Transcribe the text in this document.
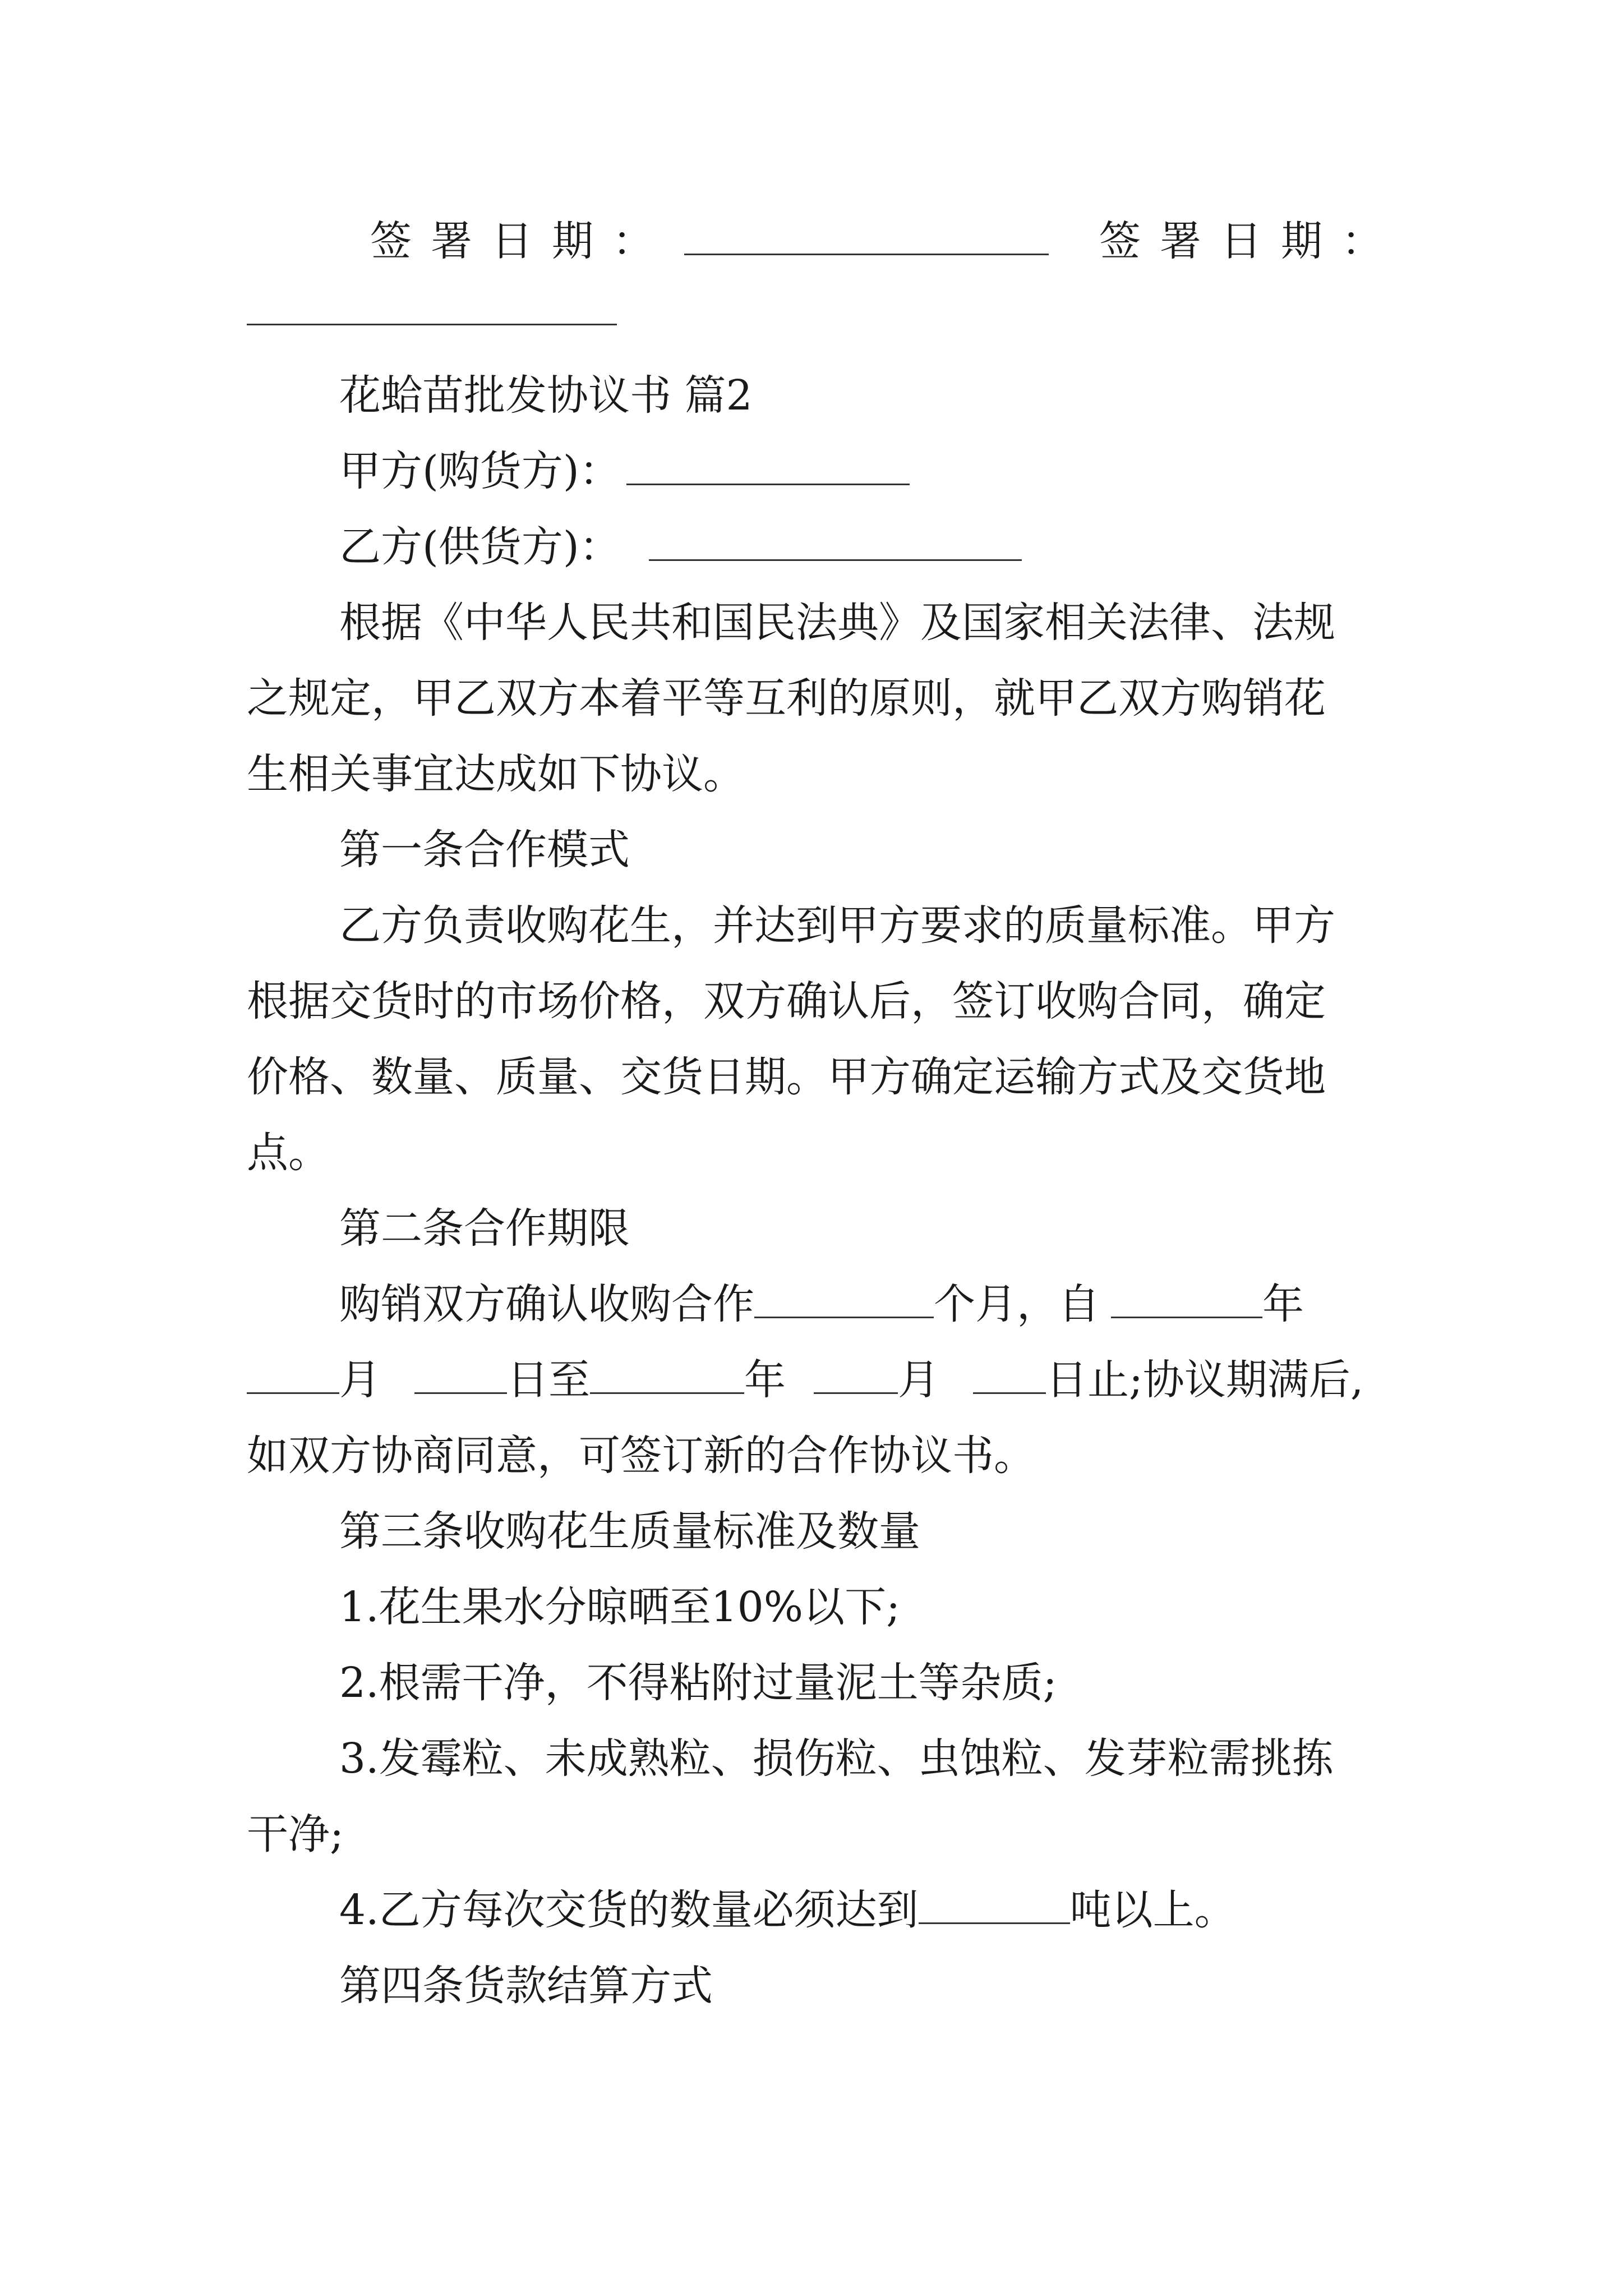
签署日期：	签署日期：
花蛤苗批发协议书 篇2
甲方(购货方)：
乙方(供货方)：
根据《中华人民共和国民法典》及国家相关法律、法规
之规定，甲乙双方本着平等互利的原则，就甲乙双方购销花
生相关事宜达成如下协议。
第一条合作模式
乙方负责收购花生，并达到甲方要求的质量标准。甲方
根据交货时的市场价格，双方确认后，签订收购合同，确定
价格、数量、质量、交货日期。甲方确定运输方式及交货地
点。
第二条合作期限
购销双方确认收购合作	个月，自	年
月	日至	年	月	日止;协议期满后,
如双方协商同意，可签订新的合作协议书。
第三条收购花生质量标准及数量
1.花生果水分晾晒至10%以下;
2.根需干净，不得粘附过量泥土等杂质;
3.发霉粒、未成熟粒、损伤粒、虫蚀粒、发芽粒需挑拣
干净;
4.乙方每次交货的数量必须达到	吨以上。
第四条货款结算方式
